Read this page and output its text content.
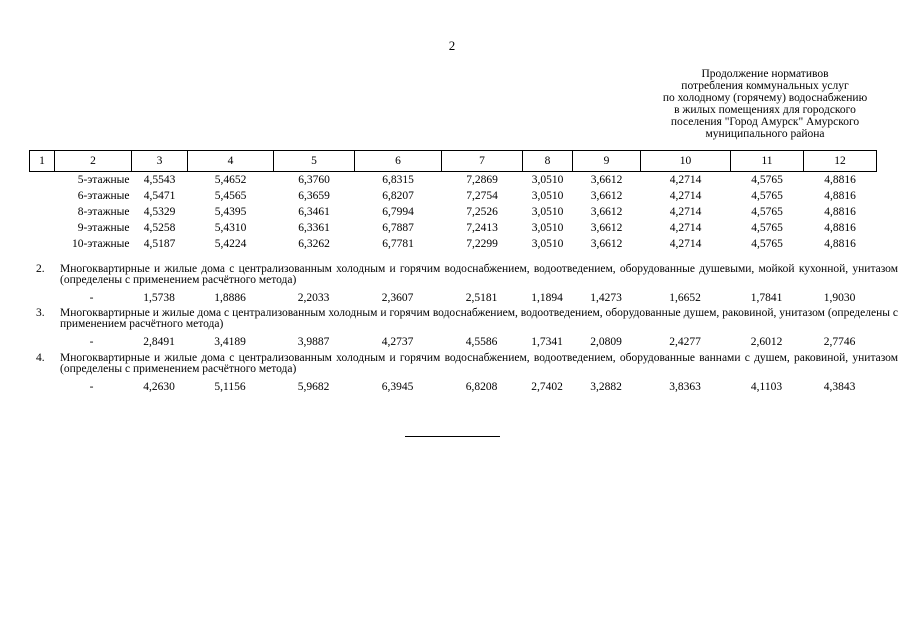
2
Продолжение нормативов
потребления коммунальных услуг
по холодному (горячему) водоснабжению
в жилых помещениях для городского
поселения "Город Амурск" Амурского
муниципального района
1	2	3	4	5	6	7	8	9	10	11	12
	5-этажные	4,5543	5,4652	6,3760	6,8315	7,2869	3,0510	3,6612	4,2714	4,5765	4,8816
	6-этажные	4,5471	5,4565	6,3659	6,8207	7,2754	3,0510	3,6612	4,2714	4,5765	4,8816
	8-этажные	4,5329	5,4395	6,3461	6,7994	7,2526	3,0510	3,6612	4,2714	4,5765	4,8816
	9-этажные	4,5258	5,4310	6,3361	6,7887	7,2413	3,0510	3,6612	4,2714	4,5765	4,8816
	10-этажные	4,5187	5,4224	6,3262	6,7781	7,2299	3,0510	3,6612	4,2714	4,5765	4,8816
2.	Многоквартирные и жилые дома с централизованным холодным и горячим водоснабжением, водоотведением, оборудованные душевыми, мойкой кухонной, унитазом (определены с применением расчётного метода)
	-	1,5738	1,8886	2,2033	2,3607	2,5181	1,1894	1,4273	1,6652	1,7841	1,9030
3.	Многоквартирные и жилые дома с централизованным холодным и горячим водоснабжением, водоотведением, оборудованные душем, раковиной, унитазом (определены с применением расчётного метода)
	-	2,8491	3,4189	3,9887	4,2737	4,5586	1,7341	2,0809	2,4277	2,6012	2,7746
4.	Многоквартирные и жилые дома с централизованным холодным и горячим водоснабжением, водоотведением, оборудованные ваннами с душем, раковиной, унитазом (определены с применением расчётного метода)
	-	4,2630	5,1156	5,9682	6,3945	6,8208	2,7402	3,2882	3,8363	4,1103	4,3843
